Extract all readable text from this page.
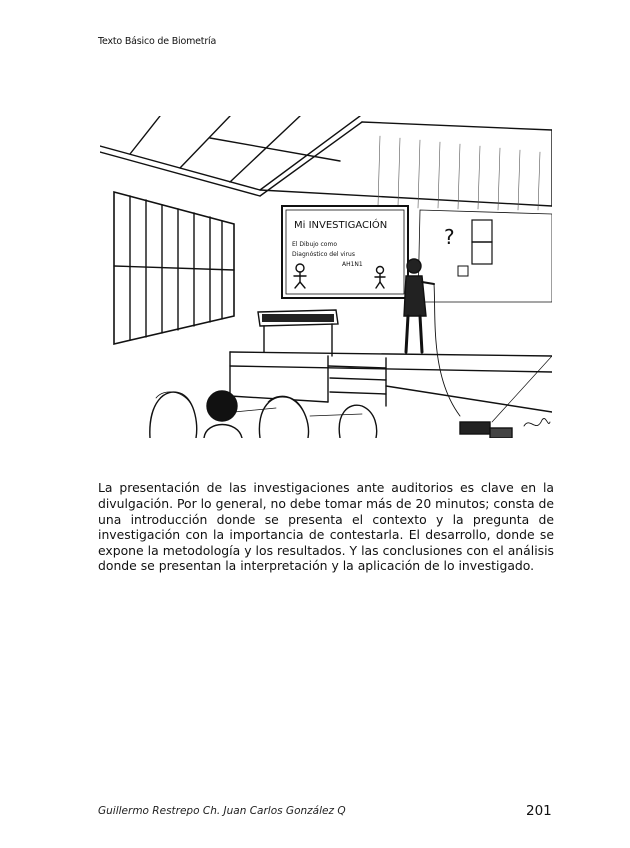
Texto Básico de Biometría
Mi INVESTIGACIÓN
El Dibujo como
Diagnóstico del virus
AH1N1
?

La presentación de las investigaciones ante auditorios es clave en la divulgación. Por lo general, no debe tomar más de 20 minutos; consta de una introducción donde se presenta el contexto y la pregunta de investigación con la importancia de contestarla. El desarrollo, donde se expone la metodología y los resultados. Y las conclusiones con el análisis donde se presentan la interpretación y la aplicación de lo investigado.

Guillermo Restrepo Ch. Juan Carlos González Q	201
